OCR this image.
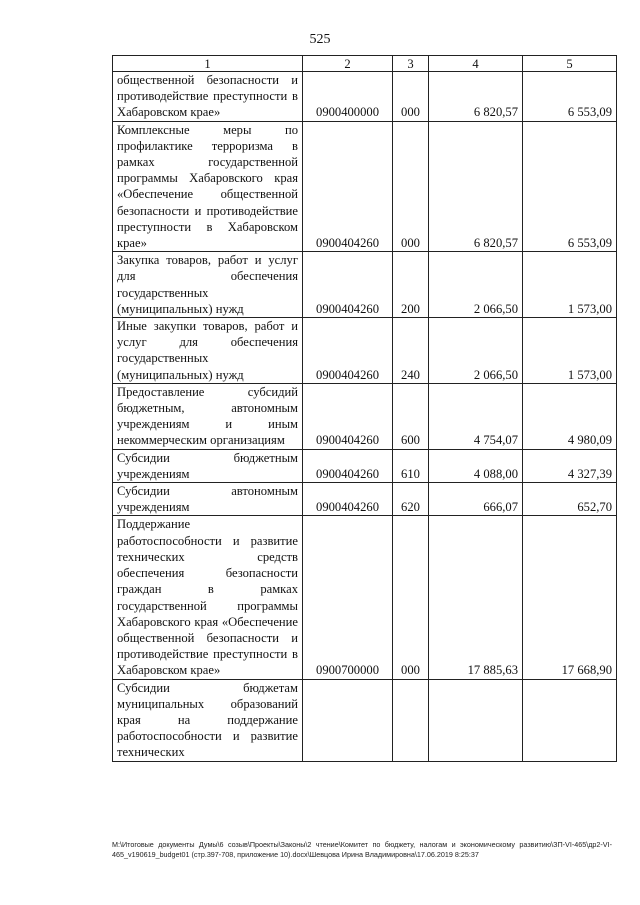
525
1	2	3	4	5
общественной безопасности и противодействие преступности в Хабаровском крае»	0900400000	000	6 820,57	6 553,09
Комплексные меры по профилактике терроризма в рамках государственной программы Хабаровского края «Обеспечение общественной безопасности и противодействие преступности в Хабаровском крае»	0900404260	000	6 820,57	6 553,09
Закупка товаров, работ и услуг для обеспечения государственных (муниципальных) нужд	0900404260	200	2 066,50	1 573,00
Иные закупки товаров, работ и услуг для обеспечения государственных (муниципальных) нужд	0900404260	240	2 066,50	1 573,00
Предоставление субсидий бюджетным, автономным учреждениям и иным некоммерческим организациям	0900404260	600	4 754,07	4 980,09
Субсидии бюджетным учреждениям	0900404260	610	4 088,00	4 327,39
Субсидии автономным учреждениям	0900404260	620	666,07	652,70
Поддержание работоспособности и развитие технических средств обеспечения безопасности граждан в рамках государственной программы Хабаровского края «Обеспечение общественной безопасности и противодействие преступности в Хабаровском крае»	0900700000	000	17 885,63	17 668,90
Субсидии бюджетам муниципальных образований края на поддержание работоспособности и развитие технических				
M:\Итоговые документы Думы\6 созыв\Проекты\Законы\2 чтение\Комитет по бюджету, налогам и экономическому развитию\ЗП-VI-465\др2-VI-465_v190619_budget01 (стр.397-708, приложение 10).docx\Шевцова Ирина Владимировна\17.06.2019 8:25:37
